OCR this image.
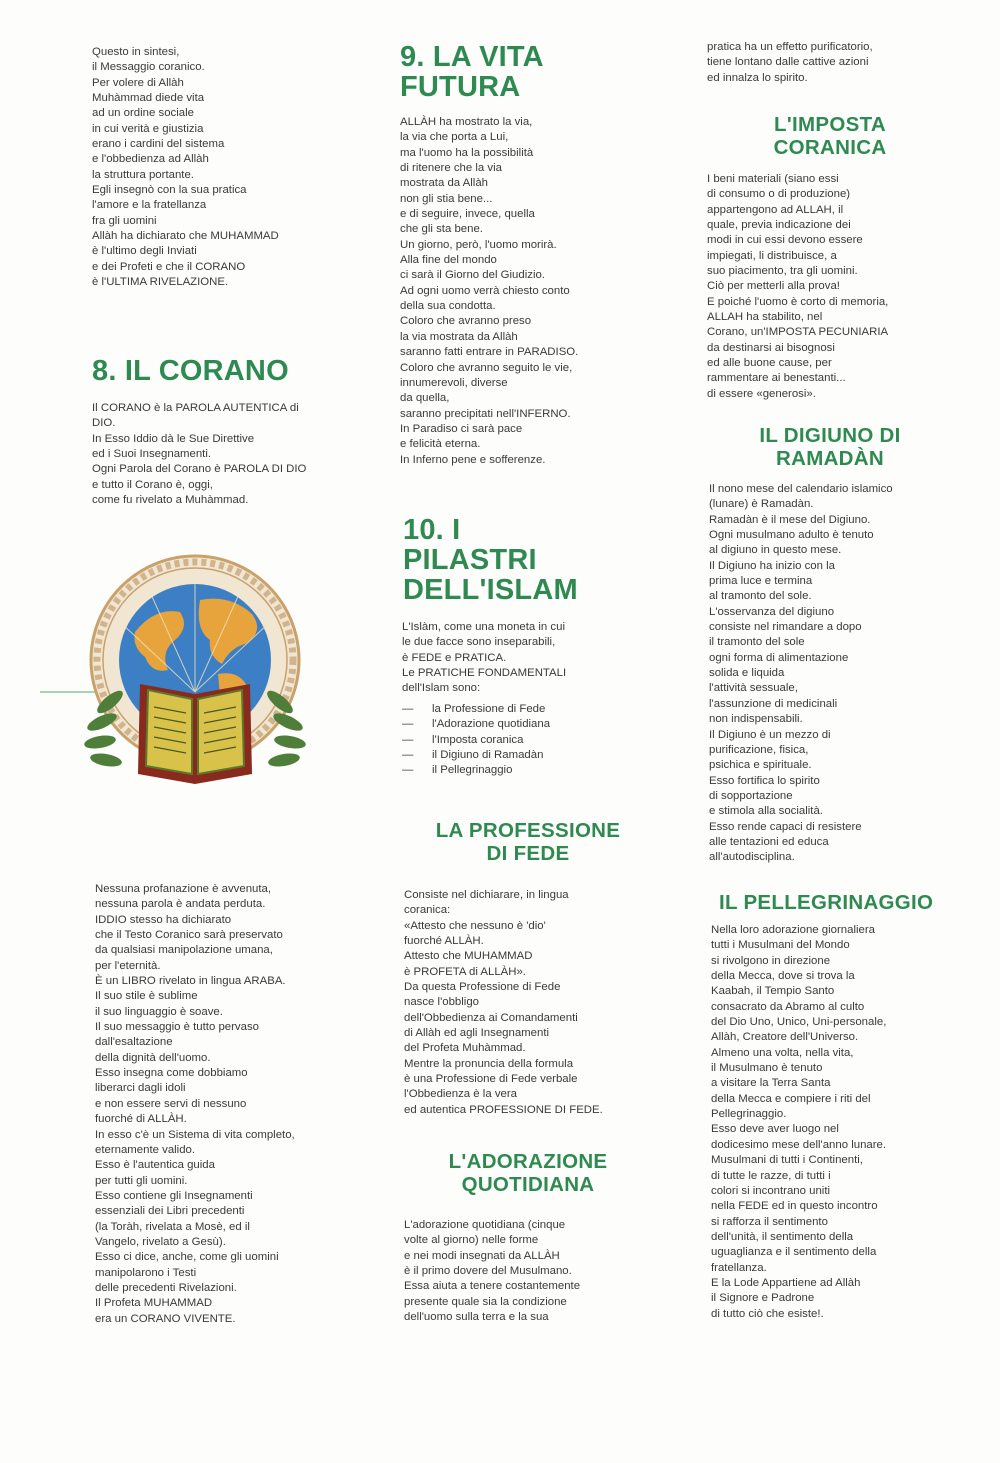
Questo in sintesi,
il Messaggio coranico.
Per volere di Allàh
Muhàmmad diede vita
ad un ordine sociale
in cui verità e giustizia
erano i cardini del sistema
e l'obbedienza ad Allàh
la struttura portante.
Egli insegnò con la sua pratica
l'amore e la fratellanza
fra gli uomini
Allàh ha dichiarato che MUHAMMAD
è l'ultimo degli Inviati
e dei Profeti e che il CORANO
è l'ULTIMA RIVELAZIONE.

8. IL CORANO

Il CORANO è la PAROLA AUTENTICA di
DIO.
In Esso Iddio dà le Sue Direttive
ed i Suoi Insegnamenti.
Ogni Parola del Corano è PAROLA DI DIO
e tutto il Corano è, oggi,
come fu rivelato a Muhàmmad.

Nessuna profanazione è avvenuta,
nessuna parola è andata perduta.
IDDIO stesso ha dichiarato
che il Testo Coranico sarà preservato
da qualsiasi manipolazione umana,
per l'eternità.
È un LIBRO rivelato in lingua ARABA.
Il suo stile è sublime
il suo linguaggio è soave.
Il suo messaggio è tutto pervaso
dall'esaltazione
della dignità dell'uomo.
Esso insegna come dobbiamo
liberarci dagli idoli
e non essere servi di nessuno
fuorché di ALLÀH.
In esso c'è un Sistema di vita completo,
eternamente valido.
Esso è l'autentica guida
per tutti gli uomini.
Esso contiene gli Insegnamenti
essenziali dei Libri precedenti
(la Toràh, rivelata a Mosè, ed il
Vangelo, rivelato a Gesù).
Esso ci dice, anche, come gli uomini
manipolarono i Testi
delle precedenti Rivelazioni.
Il Profeta MUHAMMAD
era un CORANO VIVENTE.

9. LA VITA
FUTURA

ALLÀH ha mostrato la via,
la via che porta a Lui,
ma l'uomo ha la possibilità
di ritenere che la via
mostrata da Allàh
non gli stia bene...
e di seguire, invece, quella
che gli sta bene.
Un giorno, però, l'uomo morirà.
Alla fine del mondo
ci sarà il Giorno del Giudizio.
Ad ogni uomo verrà chiesto conto
della sua condotta.
Coloro che avranno preso
la via mostrata da Allàh
saranno fatti entrare in PARADISO.
Coloro che avranno seguito le vie,
innumerevoli, diverse
da quella,
saranno precipitati nell'INFERNO.
In Paradiso ci sarà pace
e felicità eterna.
In Inferno pene e sofferenze.

10. I
PILASTRI
DELL'ISLAM

L'Islàm, come una moneta in cui
le due facce sono inseparabili,
è FEDE e PRATICA.
Le PRATICHE FONDAMENTALI
dell'Islam sono:

—	la Professione di Fede
—	l'Adorazione quotidiana
—	l'Imposta coranica
—	il Digiuno di Ramadàn
—	il Pellegrinaggio
LA PROFESSIONE
DI FEDE

Consiste nel dichiarare, in lingua
coranica:
«Attesto che nessuno è 'dio'
fuorché ALLÀH.
Attesto che MUHAMMAD
è PROFETA di ALLÀH».
Da questa Professione di Fede
nasce l'obbligo
dell'Obbedienza ai Comandamenti
di Allàh ed agli Insegnamenti
del Profeta Muhàmmad.
Mentre la pronuncia della formula
è una Professione di Fede verbale
l'Obbedienza è la vera
ed autentica PROFESSIONE DI FEDE.

L'ADORAZIONE
QUOTIDIANA

L'adorazione quotidiana (cinque
volte al giorno) nelle forme
e nei modi insegnati da ALLÀH
è il primo dovere del Musulmano.
Essa aiuta a tenere costantemente
presente quale sia la condizione
dell'uomo sulla terra e la sua

pratica ha un effetto purificatorio,
tiene lontano dalle cattive azioni
ed innalza lo spirito.

L'IMPOSTA
CORANICA

I beni materiali (siano essi
di consumo o di produzione)
appartengono ad ALLAH, il
quale, previa indicazione dei
modi in cui essi devono essere
impiegati, li distribuisce, a
suo piacimento, tra gli uomini.
Ciò per metterli alla prova!
E poiché l'uomo è corto di memoria,
ALLAH ha stabilito, nel
Corano, un'IMPOSTA PECUNIARIA
da destinarsi ai bisognosi
ed alle buone cause, per
rammentare ai benestanti...
di essere «generosi».

IL DIGIUNO DI
RAMADÀN

Il nono mese del calendario islamico
(lunare) è Ramadàn.
Ramadàn è il mese del Digiuno.
Ogni musulmano adulto è tenuto
al digiuno in questo mese.
Il Digiuno ha inizio con la
prima luce e termina
al tramonto del sole.
L'osservanza del digiuno
consiste nel rimandare a dopo
il tramonto del sole
ogni forma di alimentazione
solida e liquida
l'attività sessuale,
l'assunzione di medicinali
non indispensabili.
Il Digiuno è un mezzo di
purificazione, fisica,
psichica e spirituale.
Esso fortifica lo spirito
di sopportazione
e stimola alla socialità.
Esso rende capaci di resistere
alle tentazioni ed educa
all'autodisciplina.

IL PELLEGRINAGGIO

Nella loro adorazione giornaliera
tutti i Musulmani del Mondo
si rivolgono in direzione
della Mecca, dove si trova la
Kaabah, il Tempio Santo
consacrato da Abramo al culto
del Dio Uno, Unico, Uni-personale,
Allàh, Creatore dell'Universo.
Almeno una volta, nella vita,
il Musulmano è tenuto
a visitare la Terra Santa
della Mecca e compiere i riti del
Pellegrinaggio.
Esso deve aver luogo nel
dodicesimo mese dell'anno lunare.
Musulmani di tutti i Continenti,
di tutte le razze, di tutti i
colori si incontrano uniti
nella FEDE ed in questo incontro
si rafforza il sentimento
dell'unità, il sentimento della
uguaglianza e il sentimento della
fratellanza.
E la Lode Appartiene ad Allàh
il Signore e Padrone
di tutto ciò che esiste!.
